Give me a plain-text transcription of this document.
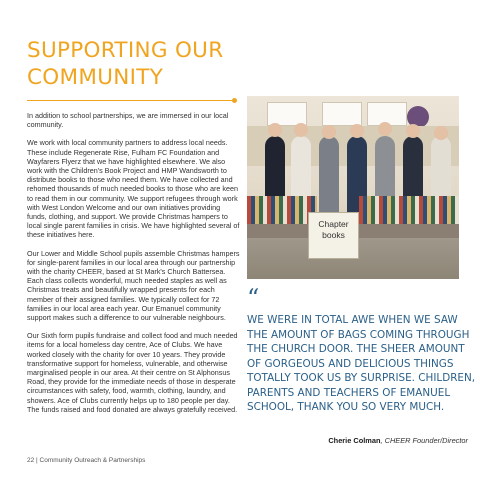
SUPPORTING OUR COMMUNITY

In addition to school partnerships, we are immersed in our local community.

We work with local community partners to address local needs. These include Regenerate Rise, Fulham FC Foundation and Wayfarers Flyerz that we have highlighted elsewhere. We also work with the Children's Book Project and HMP Wandsworth to distribute books to those who need them. We have collected and rehomed thousands of much needed books to those who are keen to read them in our community. We support refugees through work with West London Welcome and our own initiatives providing funds, clothing, and support. We provide Christmas hampers to local single parent families in crisis. We have highlighted several of these initiatives here.

Our Lower and Middle School pupils assemble Christmas hampers for single-parent families in our local area through our partnership with the charity CHEER, based at St Mark's Church Battersea. Each class collects wonderful, much needed staples as well as Christmas treats and beautifully wrapped presents for each member of their assigned families. We typically collect for 72 families in our local area each year. Our Emanuel community support makes such a difference to our vulnerable neighbours.

Our Sixth form pupils fundraise and collect food and much needed items for a local homeless day centre, Ace of Clubs. We have worked closely with the charity for over 10 years. They provide transformative support for homeless, vulnerable, and otherwise marginalised people in our area. At their centre on St Alphonsus Road, they provide for the immediate needs of those in desperate circumstances with safety, food, warmth, clothing, laundry, and showers. Ace of Clubs currently helps up to 180 people per day. The funds raised and food donated are always gratefully received.

Chapter books
“

WE WERE IN TOTAL AWE WHEN WE SAW THE AMOUNT OF BAGS COMING THROUGH THE CHURCH DOOR. THE SHEER AMOUNT OF GORGEOUS AND DELICIOUS THINGS TOTALLY TOOK US BY SURPRISE. CHILDREN, PARENTS AND TEACHERS OF EMANUEL SCHOOL, THANK YOU SO VERY MUCH.

Cherie Colman, CHEER Founder/Director
22 | Community Outreach & Partnerships
